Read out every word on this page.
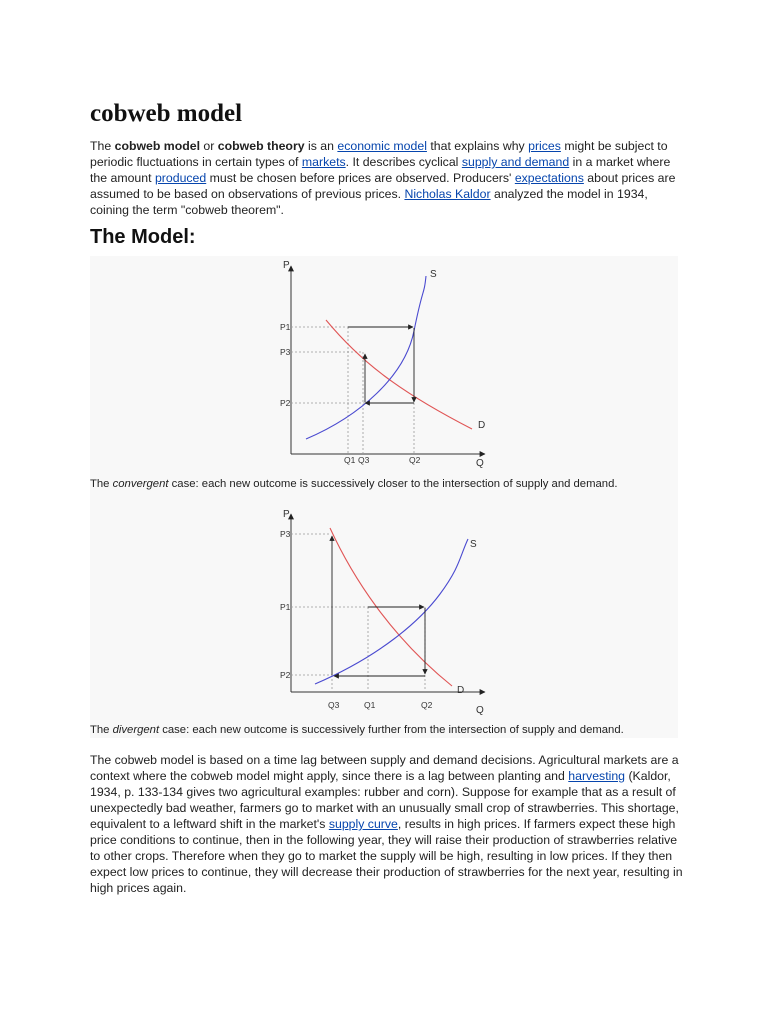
cobweb model

The cobweb model or cobweb theory is an economic model that explains why prices might be subject to periodic fluctuations in certain types of markets. It describes cyclical supply and demand in a market where the amount produced must be chosen before prices are observed. Producers' expectations about prices are assumed to be based on observations of previous prices. Nicholas Kaldor analyzed the model in 1934, coining the term "cobweb theorem".

The Model:
P
Q
S
D
P1
P3
P2
Q1 Q3	Q2
P
Q
S
D
P3
P1
P2
Q3	Q1	Q2
The convergent case: each new outcome is successively closer to the intersection of supply and demand.
The divergent case: each new outcome is successively further from the intersection of supply and demand.

The cobweb model is based on a time lag between supply and demand decisions. Agricultural markets are a context where the cobweb model might apply, since there is a lag between planting and harvesting (Kaldor, 1934, p. 133-134 gives two agricultural examples: rubber and corn). Suppose for example that as a result of unexpectedly bad weather, farmers go to market with an unusually small crop of strawberries. This shortage, equivalent to a leftward shift in the market's supply curve, results in high prices. If farmers expect these high price conditions to continue, then in the following year, they will raise their production of strawberries relative to other crops. Therefore when they go to market the supply will be high, resulting in low prices. If they then expect low prices to continue, they will decrease their production of strawberries for the next year, resulting in high prices again.
